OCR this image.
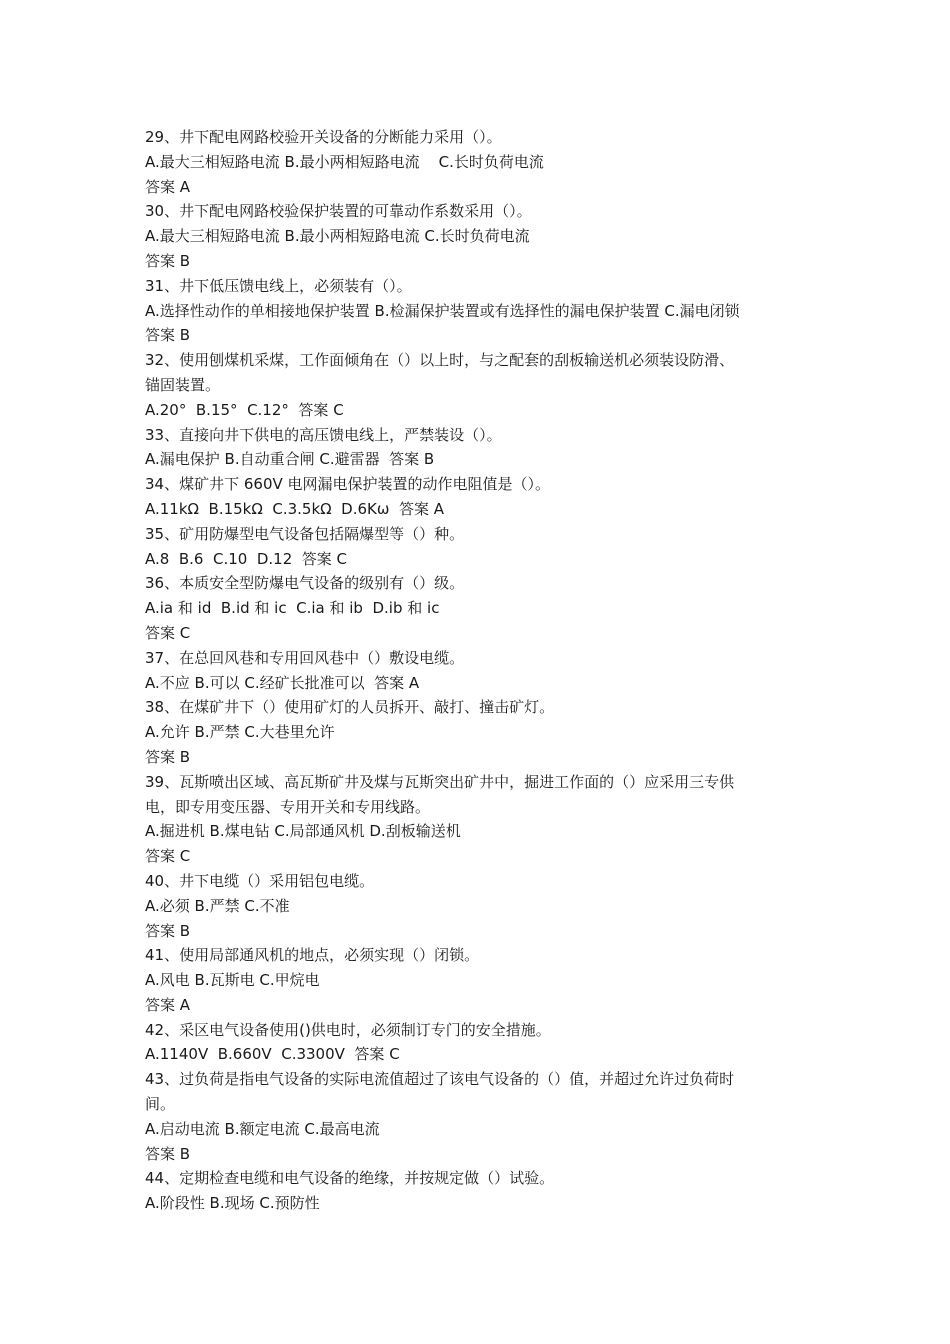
29、井下配电网路校验开关设备的分断能力采用（）。
A.最大三相短路电流 B.最小两相短路电流    C.长时负荷电流
答案 A
30、井下配电网路校验保护装置的可靠动作系数采用（）。
A.最大三相短路电流 B.最小两相短路电流 C.长时负荷电流
答案 B
31、井下低压馈电线上，必须装有（）。
A.选择性动作的单相接地保护装置 B.检漏保护装置或有选择性的漏电保护装置 C.漏电闭锁
答案 B
32、使用刨煤机采煤，工作面倾角在（）以上时，与之配套的刮板输送机必须装设防滑、
锚固装置。
A.20°  B.15°  C.12°  答案 C
33、直接向井下供电的高压馈电线上，严禁装设（）。
A.漏电保护 B.自动重合闸 C.避雷器  答案 B
34、煤矿井下 660V 电网漏电保护装置的动作电阻值是（）。
A.11kΩ  B.15kΩ  C.3.5kΩ  D.6Kω  答案 A
35、矿用防爆型电气设备包括隔爆型等（）种。
A.8  B.6  C.10  D.12  答案 C
36、本质安全型防爆电气设备的级别有（）级。
A.ia 和 id  B.id 和 ic  C.ia 和 ib  D.ib 和 ic
答案 C
37、在总回风巷和专用回风巷中（）敷设电缆。
A.不应 B.可以 C.经矿长批准可以  答案 A
38、在煤矿井下（）使用矿灯的人员拆开、敲打、撞击矿灯。
A.允许 B.严禁 C.大巷里允许
答案 B
39、瓦斯喷出区域、高瓦斯矿井及煤与瓦斯突出矿井中，掘进工作面的（）应采用三专供
电，即专用变压器、专用开关和专用线路。
A.掘进机 B.煤电钻 C.局部通风机 D.刮板输送机
答案 C
40、井下电缆（）采用铝包电缆。
A.必须 B.严禁 C.不准
答案 B
41、使用局部通风机的地点，必须实现（）闭锁。
A.风电 B.瓦斯电 C.甲烷电
答案 A
42、采区电气设备使用()供电时，必须制订专门的安全措施。
A.1140V  B.660V  C.3300V  答案 C
43、过负荷是指电气设备的实际电流值超过了该电气设备的（）值，并超过允许过负荷时
间。
A.启动电流 B.额定电流 C.最高电流
答案 B
44、定期检查电缆和电气设备的绝缘，并按规定做（）试验。
A.阶段性 B.现场 C.预防性
